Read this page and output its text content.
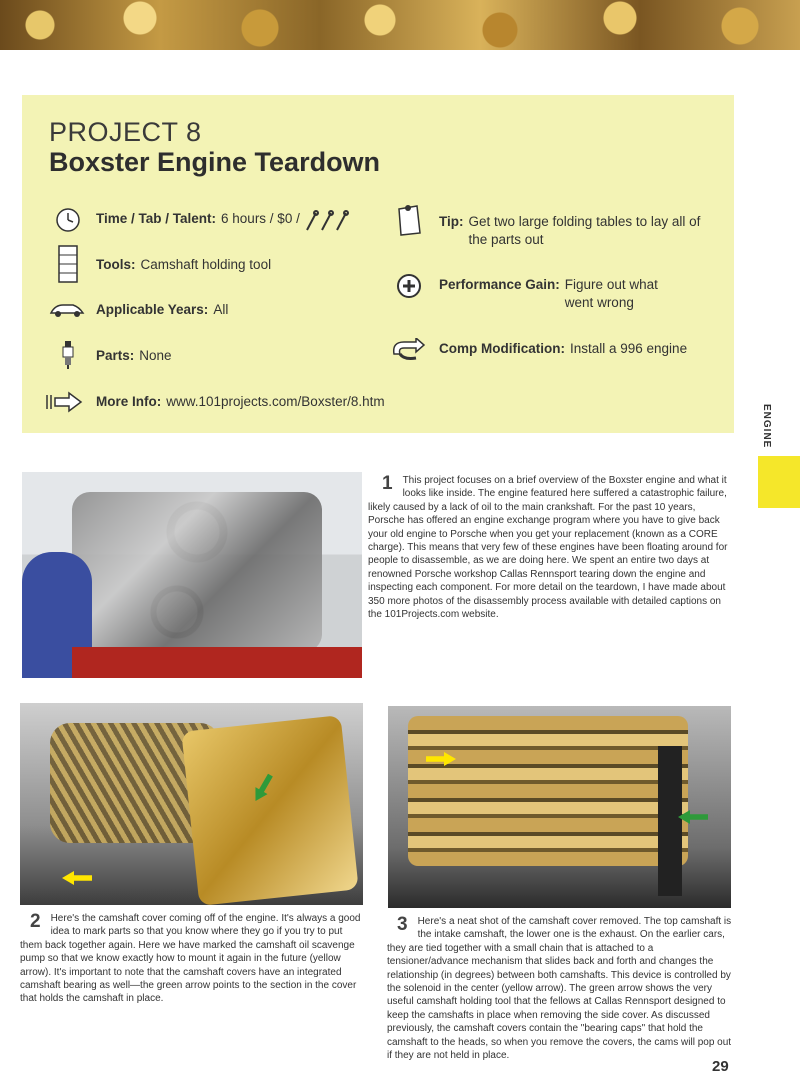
PROJECT 8
Boxster Engine Teardown
Time / Tab / Talent: 6 hours / $0 /
Tools: Camshaft holding tool
Applicable Years: All
Parts: None
More Info: www.101projects.com/Boxster/8.htm
Tip: Get two large folding tables to lay all of the parts out
Performance Gain: Figure out what went wrong
Comp Modification: Install a 996 engine
ENGINE
1 This project focuses on a brief overview of the Boxster engine and what it looks like inside. The engine featured here suffered a catastrophic failure, likely caused by a lack of oil to the main crankshaft. For the past 10 years, Porsche has offered an engine exchange program where you have to give back your old engine to Porsche when you get your replacement (known as a CORE charge). This means that very few of these engines have been floating around for people to disassemble, as we are doing here. We spent an entire two days at renowned Porsche workshop Callas Rennsport tearing down the engine and inspecting each component. For more detail on the teardown, I have made about 350 more photos of the disassembly process available with detailed captions on the 101Projects.com website.
2 Here's the camshaft cover coming off of the engine. It's always a good idea to mark parts so that you know where they go if you try to put them back together again. Here we have marked the camshaft oil scavenge pump so that we know exactly how to mount it again in the future (yellow arrow). It's important to note that the camshaft covers have an integrated camshaft bearing as well—the green arrow points to the section in the cover that holds the camshaft in place.
3 Here's a neat shot of the camshaft cover removed. The top camshaft is the intake camshaft, the lower one is the exhaust. On the earlier cars, they are tied together with a small chain that is attached to a tensioner/advance mechanism that slides back and forth and changes the relationship (in degrees) between both camshafts. This device is controlled by the solenoid in the center (yellow arrow). The green arrow shows the very useful camshaft holding tool that the fellows at Callas Rennsport designed to keep the camshafts in place when removing the side cover. As discussed previously, the camshaft covers contain the "bearing caps" that hold the camshaft to the heads, so when you remove the covers, the cams will pop out if they are not held in place.
29
